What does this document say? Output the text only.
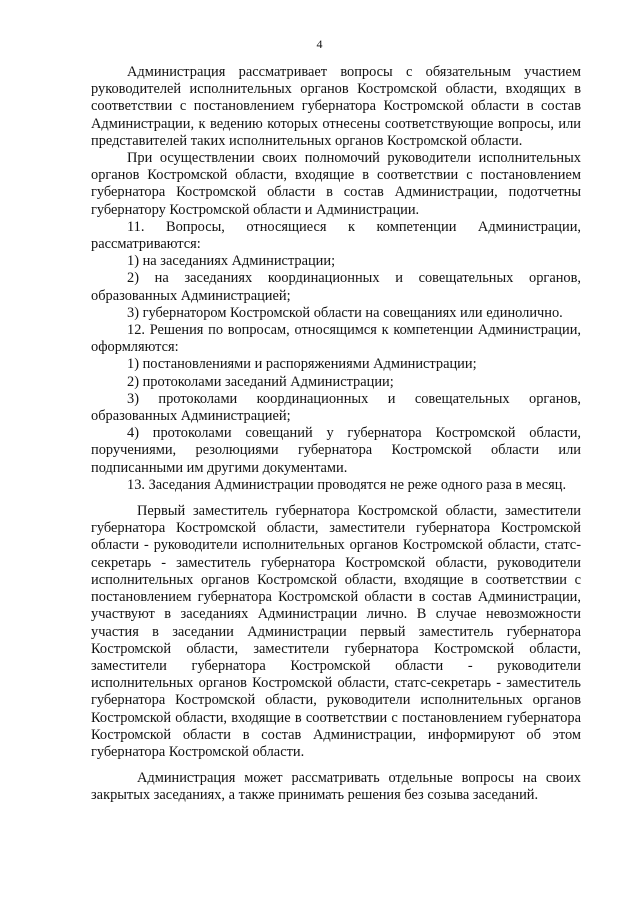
4

Администрация рассматривает вопросы с обязательным участием руководителей исполнительных органов Костромской области, входящих в соответствии с постановлением губернатора Костромской области в состав Администрации, к ведению которых отнесены соответствующие вопросы, или представителей таких исполнительных органов Костромской области.

При осуществлении своих полномочий руководители исполнительных органов Костромской области, входящие в соответствии с постановлением губернатора Костромской области в состав Администрации, подотчетны губернатору Костромской области и Администрации.

11. Вопросы, относящиеся к компетенции Администрации, рассматриваются:

1) на заседаниях Администрации;

2) на заседаниях координационных и совещательных органов, образованных Администрацией;

3) губернатором Костромской области на совещаниях или единолично.

12. Решения по вопросам, относящимся к компетенции Администрации, оформляются:

1) постановлениями и распоряжениями Администрации;

2) протоколами заседаний Администрации;

3) протоколами координационных и совещательных органов, образованных Администрацией;

4) протоколами совещаний у губернатора Костромской области, поручениями, резолюциями губернатора Костромской области или подписанными им другими документами.

13. Заседания Администрации проводятся не реже одного раза в месяц.

Первый заместитель губернатора Костромской области, заместители губернатора Костромской области, заместители губернатора Костромской области - руководители исполнительных органов Костромской области, статс-секретарь - заместитель губернатора Костромской области, руководители исполнительных органов Костромской области, входящие в соответствии с постановлением губернатора Костромской области в состав Администрации, участвуют в заседаниях Администрации лично. В случае невозможности участия в заседании Администрации первый заместитель губернатора Костромской области, заместители губернатора Костромской области, заместители губернатора Костромской области - руководители исполнительных органов Костромской области, статс-секретарь - заместитель губернатора Костромской области, руководители исполнительных органов Костромской области, входящие в соответствии с постановлением губернатора Костромской области в состав Администрации, информируют об этом губернатора Костромской области.

Администрация может рассматривать отдельные вопросы на своих закрытых заседаниях, а также принимать решения без созыва заседаний.
